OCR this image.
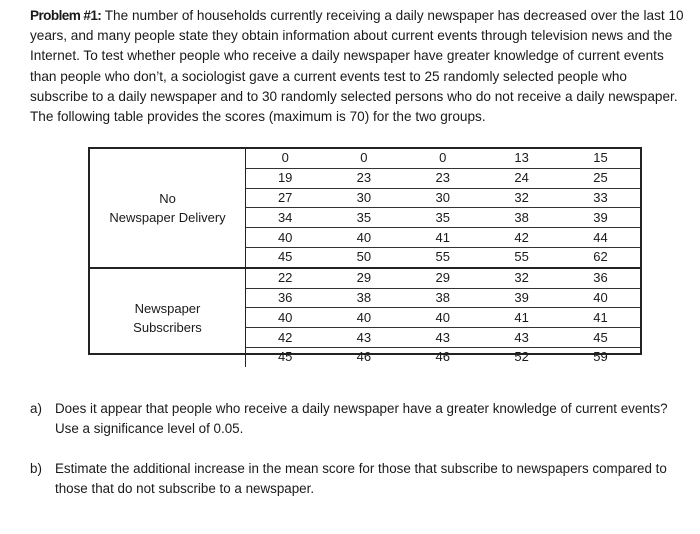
Problem #1: The number of households currently receiving a daily newspaper has decreased over the last 10 years, and many people state they obtain information about current events through television news and the Internet. To test whether people who receive a daily newspaper have greater knowledge of current events than people who don’t, a sociologist gave a current events test to 25 randomly selected people who subscribe to a daily newspaper and to 30 randomly selected persons who do not receive a daily newspaper. The following table provides the scores (maximum is 70) for the two groups.
No
Newspaper Delivery	0	0	0	13	15
	19	23	23	24	25
	27	30	30	32	33
	34	35	35	38	39
	40	40	41	42	44
	45	50	55	55	62

Newspaper
Subscribers	22	29	29	32	36
	36	38	38	39	40
	40	40	40	41	41
	42	43	43	43	45
	45	46	46	52	59
a) Does it appear that people who receive a daily newspaper have a greater knowledge of current events? Use a significance level of 0.05.
b) Estimate the additional increase in the mean score for those that subscribe to newspapers compared to those that do not subscribe to a newspaper.
